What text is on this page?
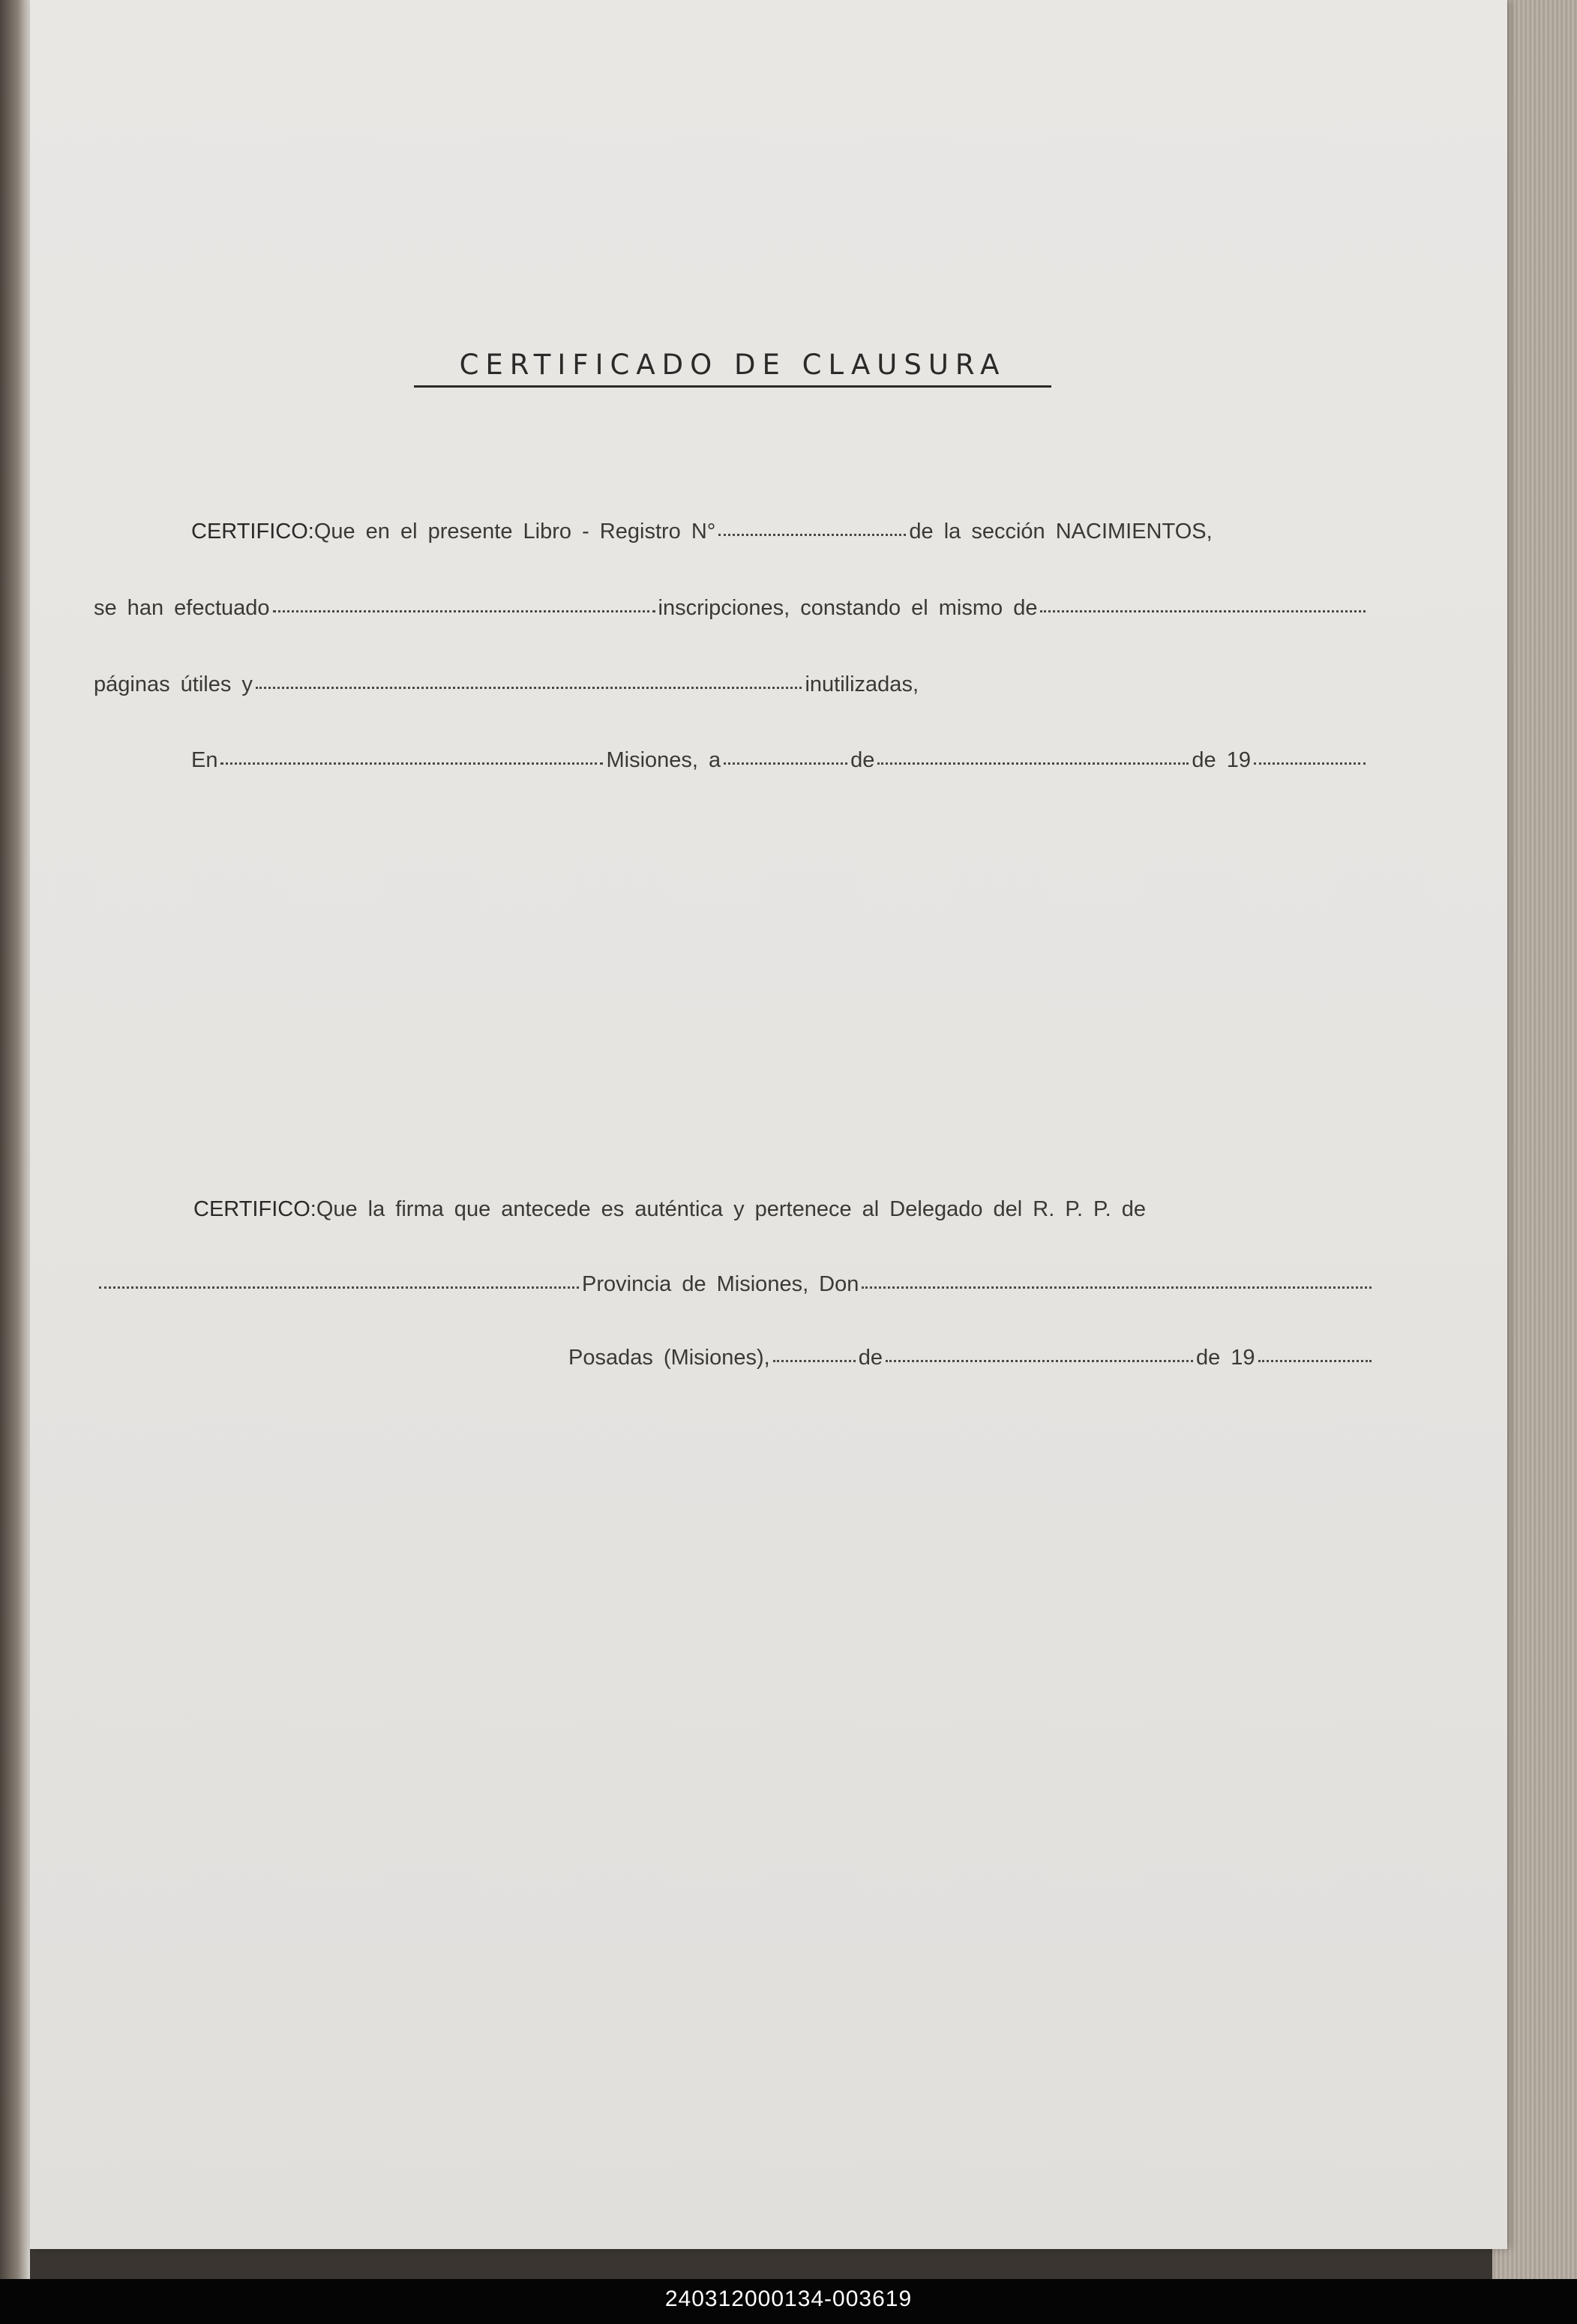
CERTIFICADO DE CLAUSURA
CERTIFICO: Que en el presente Libro - Registro N°	de la sección NACIMIENTOS,
se han efectuado	inscripciones, constando el mismo de
páginas útiles y	inutilizadas,
En	Misiones, a	de	de 19
CERTIFICO: Que la firma que antecede es auténtica y pertenece al Delegado del R. P. P. de
Provincia de Misiones, Don
Posadas (Misiones),	de	de 19
240312000134-003619
